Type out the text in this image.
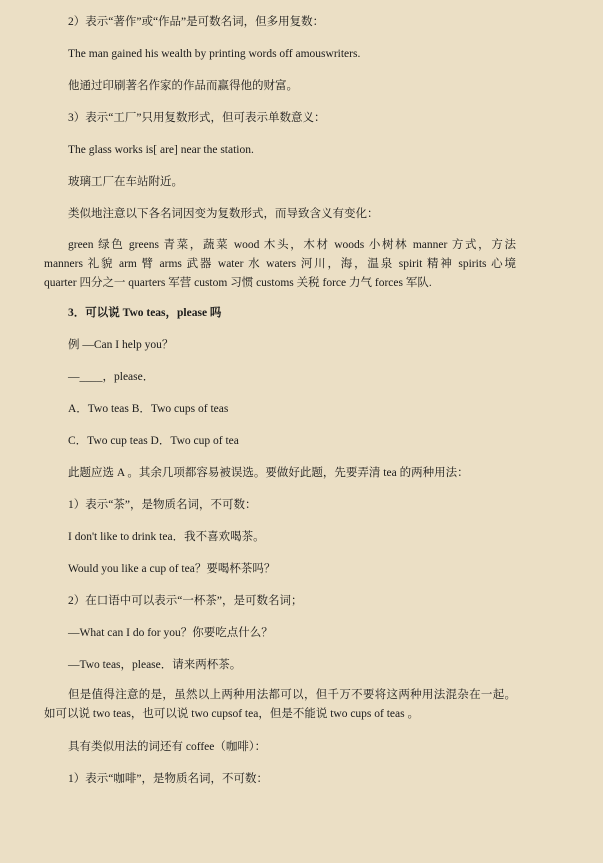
2）表示“著作”或“作品”是可数名词，但多用复数：
The man gained his wealth by printing words off amouswriters.
他通过印刷著名作家的作品而赢得他的财富。
3）表示“工厂”只用复数形式，但可表示单数意义：
The glass works is[ are] near the station.
玻璃工厂在车站附近。
类似地注意以下各名词因变为复数形式，而导致含义有变化：
green 绿色 greens 青菜，蔬菜 wood 木头，木材 woods 小树林 manner 方式，方法
manners 礼貌 arm 臂 arms 武器 water 水 waters 河川，海，温泉 spirit 精神 spirits 心境
quarter 四分之一 quarters 军营 custom 习惯 customs 关税 force 力气 forces 军队.
3．可以说 Two teas，please 吗
例 —Can I help you？
—____，please．
A．Two teas B．Two cups of teas
C．Two cup teas D．Two cup of tea
此题应选 A 。其余几项都容易被误选。要做好此题，先要弄清 tea 的两种用法：
1）表示“茶”，是物质名词，不可数：
I don't like to drink tea．我不喜欢喝茶。
Would you like a cup of tea？要喝杯茶吗？
2）在口语中可以表示“一杯茶”，是可数名词；
—What can I do for you？你要吃点什么？
—Two teas，please．请来两杯茶。
但是值得注意的是，虽然以上两种用法都可以，但千万不要将这两种用法混杂在一起。
如可以说 two teas，也可以说 two cupsof tea，但是不能说 two cups of teas 。
具有类似用法的词还有 coffee（咖啡）：
1）表示“咖啡”，是物质名词，不可数：
